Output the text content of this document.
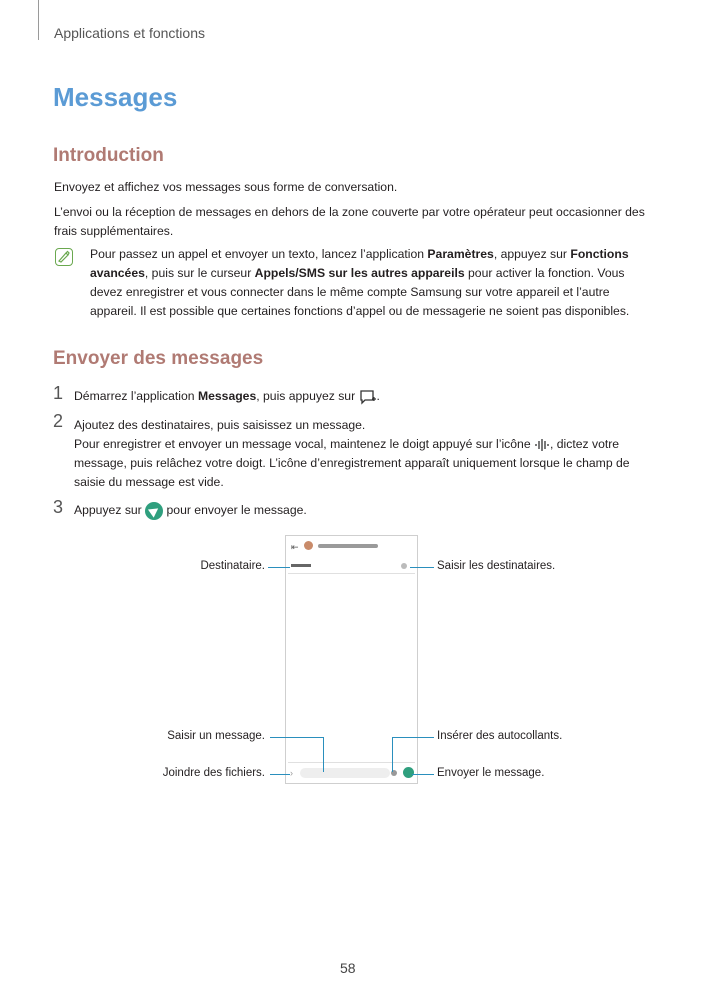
Applications et fonctions
Messages
Introduction
Envoyez et affichez vos messages sous forme de conversation.
L’envoi ou la réception de messages en dehors de la zone couverte par votre opérateur peut occasionner des frais supplémentaires.
Pour passez un appel et envoyer un texto, lancez l’application Paramètres, appuyez sur Fonctions avancées, puis sur le curseur Appels/SMS sur les autres appareils pour activer la fonction. Vous devez enregistrer et vous connecter dans le même compte Samsung sur votre appareil et l’autre appareil. Il est possible que certaines fonctions d’appel ou de messagerie ne soient pas disponibles.
Envoyer des messages
1 Démarrez l’application Messages, puis appuyez sur .
2 Ajoutez des destinataires, puis saisissez un message.
Pour enregistrer et envoyer un message vocal, maintenez le doigt appuyé sur l’icône , dictez votre message, puis relâchez votre doigt. L’icône d’enregistrement apparaît uniquement lorsque le champ de saisie du message est vide.
3 Appuyez sur  pour envoyer le message.
⇤
›
Destinataire.	Saisir les destinataires.
Saisir un message.	Insérer des autocollants.
Joindre des fichiers.	Envoyer le message.
58
